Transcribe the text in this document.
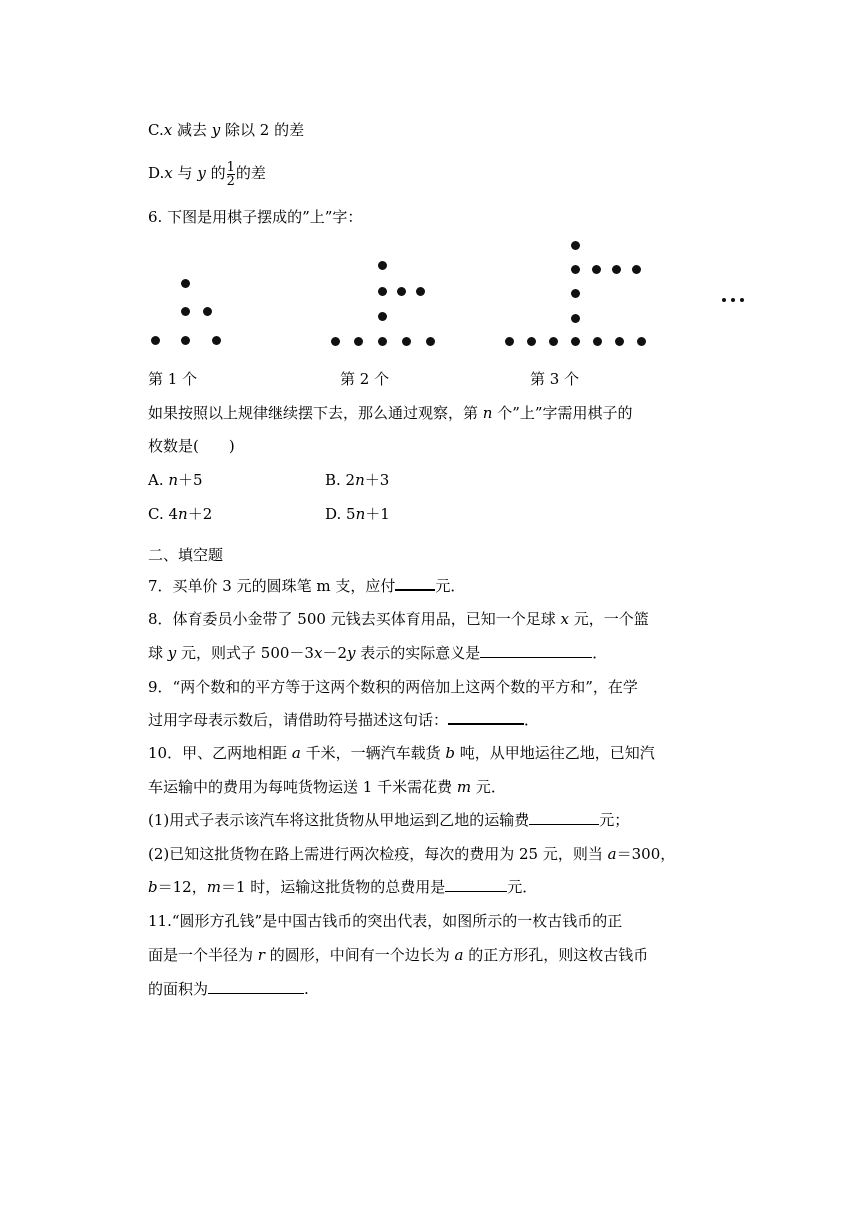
C.x 减去 y 除以 2 的差
D.x 与 y 的 $\frac{1}{2}$ 的差
6. 下图是用棋子摆成的”上”字：
第 1 个	第 2 个	第 3 个
如果按照以上规律继续摆下去，那么通过观察，第 n 个”上”字需用棋子的
枚数是(　　)
A. n＋5	B. 2n＋3
C. 4n＋2	D. 5n＋1
二、填空题
7．买单价 3 元的圆珠笔 m 支，应付	元．
8．体育委员小金带了 500 元钱去买体育用品，已知一个足球 x 元，一个篮
球 y 元，则式子 500－3x－2y 表示的实际意义是	．
9．“两个数和的平方等于这两个数积的两倍加上这两个数的平方和”，在学
过用字母表示数后，请借助符号描述这句话：	．
10．甲、乙两地相距 a 千米，一辆汽车载货 b 吨，从甲地运往乙地，已知汽
车运输中的费用为每吨货物运送 1 千米需花费 m 元．
(1)用式子表示该汽车将这批货物从甲地运到乙地的运输费	元；
(2)已知这批货物在路上需进行两次检疫，每次的费用为 25 元，则当 a＝300，
b＝12，m＝1 时，运输这批货物的总费用是	元．
11.“圆形方孔钱”是中国古钱币的突出代表，如图所示的一枚古钱币的正
面是一个半径为 r 的圆形，中间有一个边长为 a 的正方形孔，则这枚古钱币
的面积为	.
